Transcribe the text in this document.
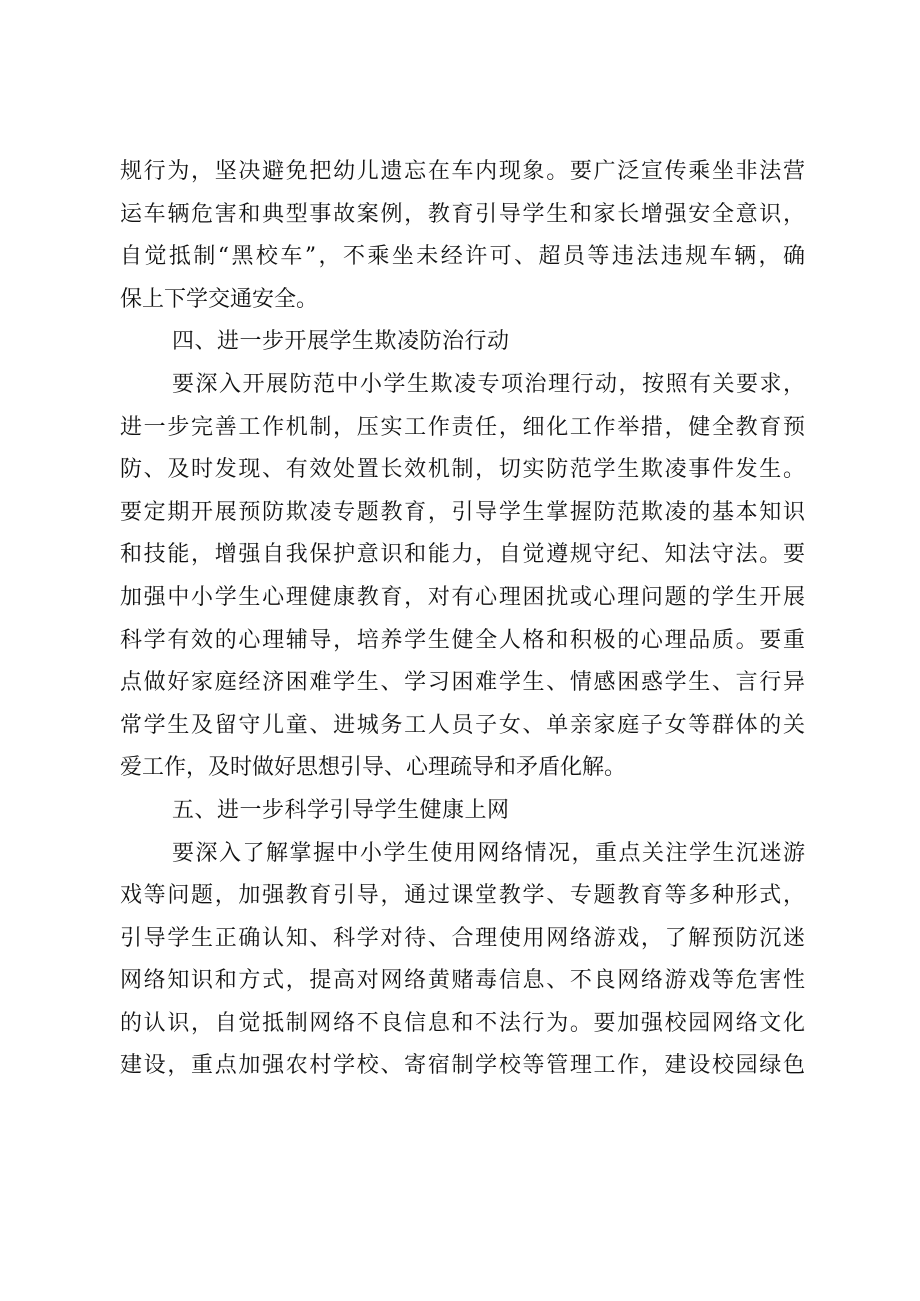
规行为，坚决避免把幼儿遗忘在车内现象。要广泛宣传乘坐非法营
运车辆危害和典型事故案例，教育引导学生和家长增强安全意识，
自觉抵制“黑校车”，不乘坐未经许可、超员等违法违规车辆，确
保上下学交通安全。
四、进一步开展学生欺凌防治行动
要深入开展防范中小学生欺凌专项治理行动，按照有关要求，
进一步完善工作机制，压实工作责任，细化工作举措，健全教育预
防、及时发现、有效处置长效机制，切实防范学生欺凌事件发生。
要定期开展预防欺凌专题教育，引导学生掌握防范欺凌的基本知识
和技能，增强自我保护意识和能力，自觉遵规守纪、知法守法。要
加强中小学生心理健康教育，对有心理困扰或心理问题的学生开展
科学有效的心理辅导，培养学生健全人格和积极的心理品质。要重
点做好家庭经济困难学生、学习困难学生、情感困惑学生、言行异
常学生及留守儿童、进城务工人员子女、单亲家庭子女等群体的关
爱工作，及时做好思想引导、心理疏导和矛盾化解。
五、进一步科学引导学生健康上网
要深入了解掌握中小学生使用网络情况，重点关注学生沉迷游
戏等问题，加强教育引导，通过课堂教学、专题教育等多种形式，
引导学生正确认知、科学对待、合理使用网络游戏，了解预防沉迷
网络知识和方式，提高对网络黄赌毒信息、不良网络游戏等危害性
的认识，自觉抵制网络不良信息和不法行为。要加强校园网络文化
建设，重点加强农村学校、寄宿制学校等管理工作，建设校园绿色
